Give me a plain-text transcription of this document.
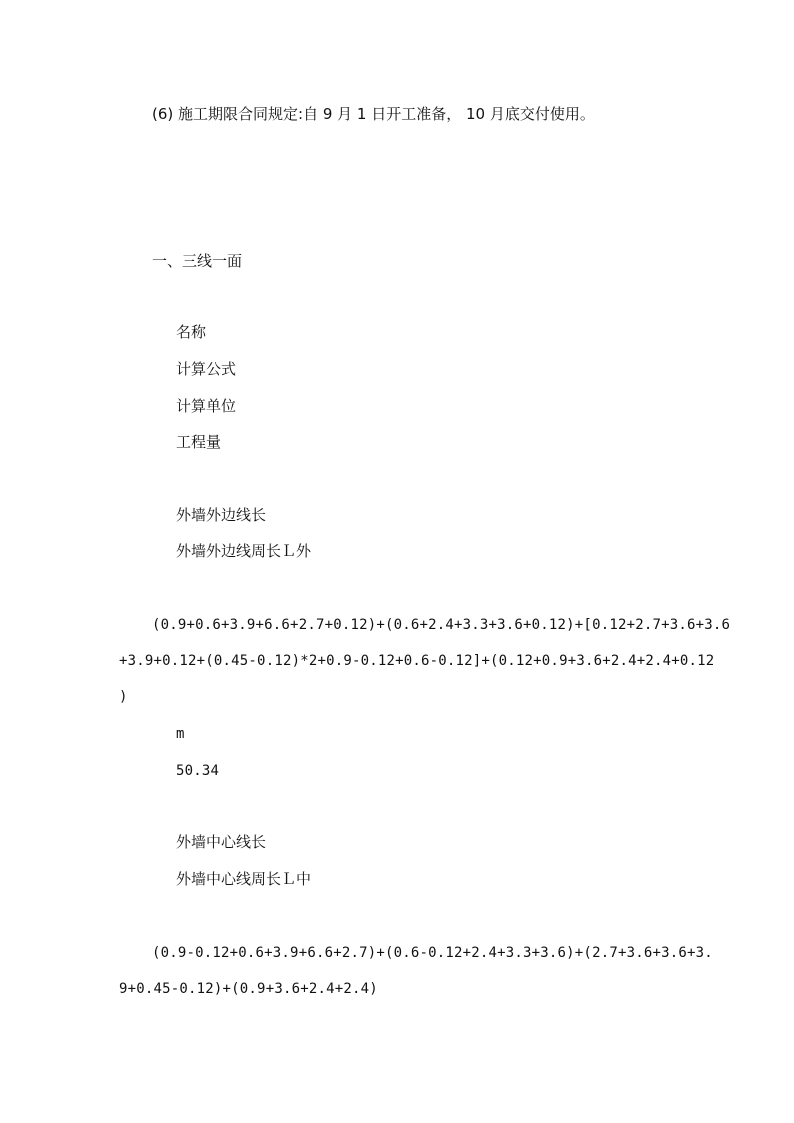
(6) 施工期限合同规定:自 9 月 1 日开工准备， 10 月底交付使用。
一、三线一面
名称
计算公式
计算单位
工程量
外墙外边线长
外墙外边线周长Ｌ外
(0.9+0.6+3.9+6.6+2.7+0.12)+(0.6+2.4+3.3+3.6+0.12)+[0.12+2.7+3.6+3.6
+3.9+0.12+(0.45-0.12)*2+0.9-0.12+0.6-0.12]+(0.12+0.9+3.6+2.4+2.4+0.12
)
m
50.34
外墙中心线长
外墙中心线周长Ｌ中
(0.9-0.12+0.6+3.9+6.6+2.7)+(0.6-0.12+2.4+3.3+3.6)+(2.7+3.6+3.6+3.
9+0.45-0.12)+(0.9+3.6+2.4+2.4)
